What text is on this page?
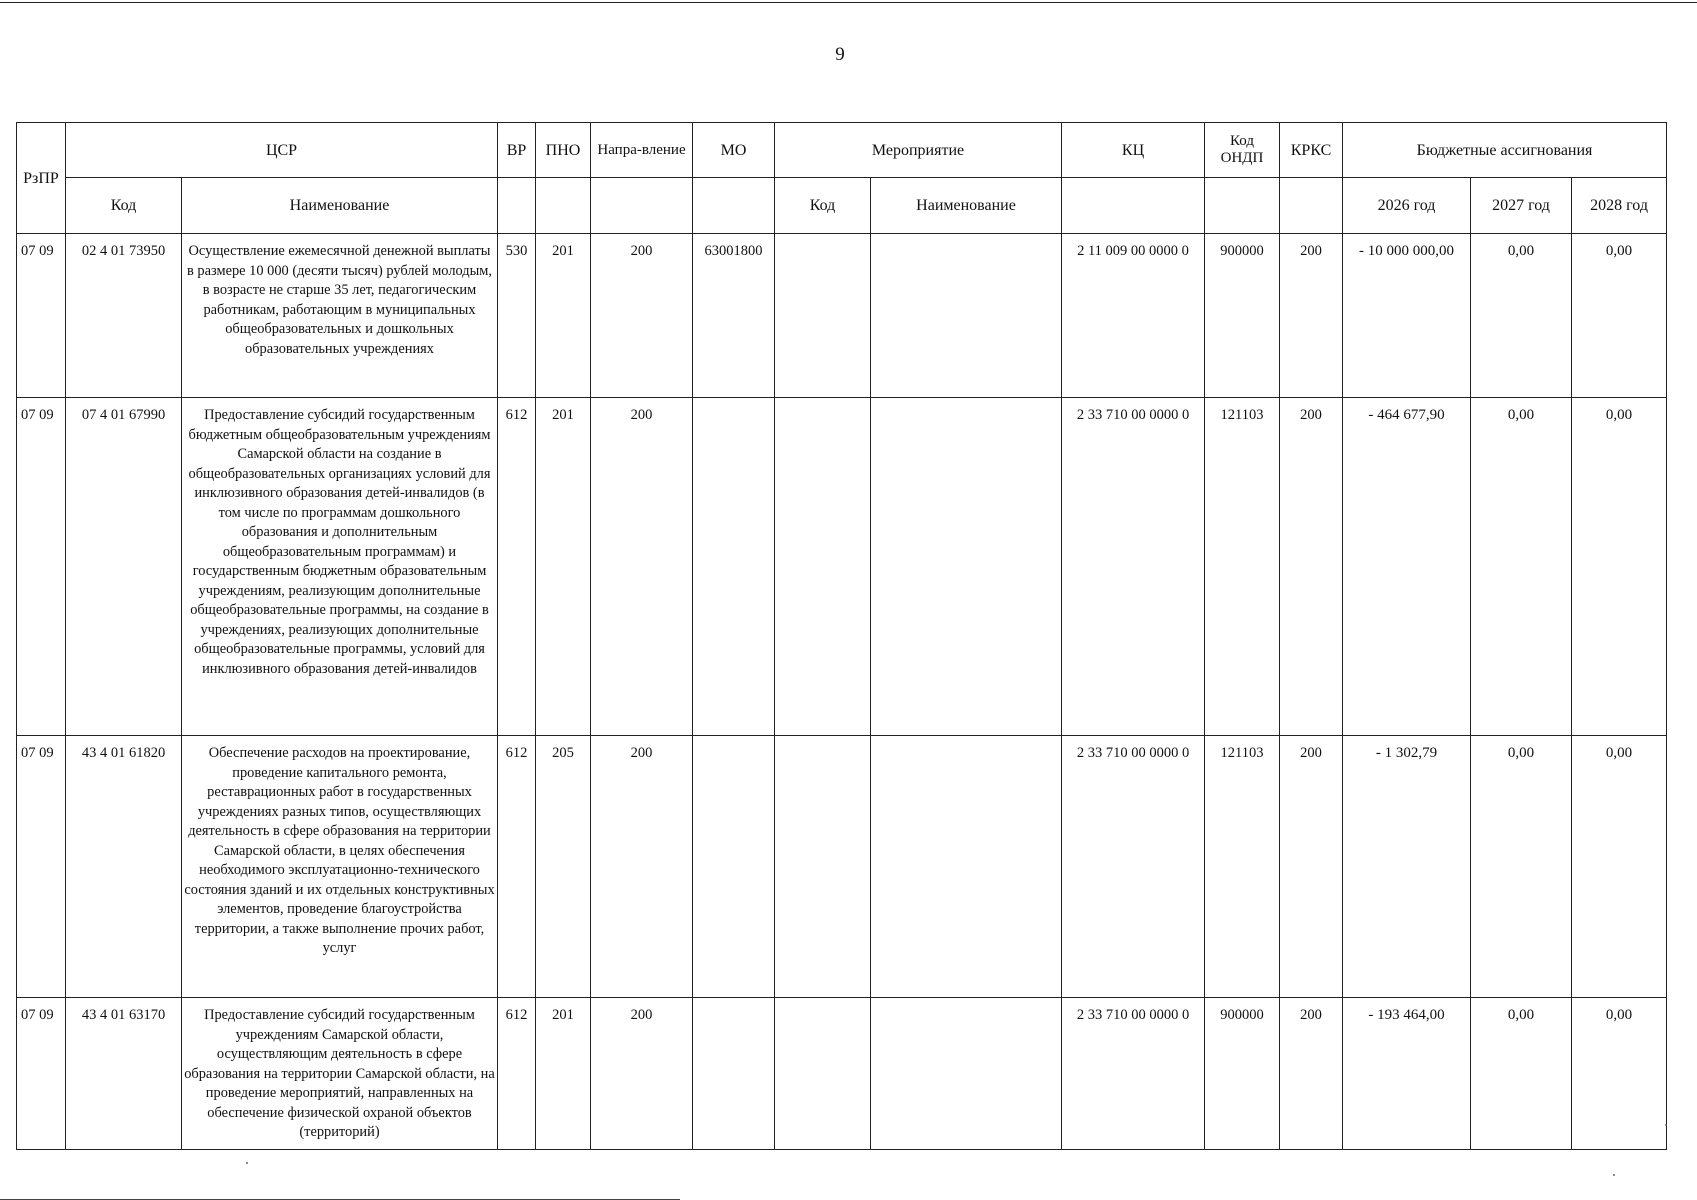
9
РзПР	ЦСР		ВР	ПНО	Напра-вление	МО	Мероприятие		КЦ	Код ОНДП	КРКС	Бюджетные ассигнования		
	Код	Наименование					Код	Наименование				2026 год	2027 год	2028 год
07 09	02 4 01 73950	Осуществление ежемесячной денежной выплаты в размере 10 000 (десяти тысяч) рублей молодым, в возрасте не старше 35 лет, педагогическим работникам, работающим в муниципальных общеобразовательных и дошкольных образовательных учреждениях	530	201	200	63001800			2 11 009 00 0000 0	900000	200	- 10 000 000,00	0,00	0,00
07 09	07 4 01 67990	Предоставление субсидий государственным бюджетным общеобразовательным учреждениям Самарской области на создание в общеобразовательных организациях условий для инклюзивного образования детей-инвалидов (в том числе по программам дошкольного образования и дополнительным общеобразовательным программам) и государственным бюджетным образовательным учреждениям, реализующим дополнительные общеобразовательные программы, на создание в учреждениях, реализующих дополнительные общеобразовательные программы, условий для инклюзивного образования детей-инвалидов	612	201	200				2 33 710 00 0000 0	121103	200	- 464 677,90	0,00	0,00
07 09	43 4 01 61820	Обеспечение расходов на проектирование, проведение капитального ремонта, реставрационных работ в государственных учреждениях разных типов, осуществляющих деятельность в сфере образования на территории Самарской области, в целях обеспечения необходимого эксплуатационно-технического состояния зданий и их отдельных конструктивных элементов, проведение благоустройства территории, а также выполнение прочих работ, услуг	612	205	200				2 33 710 00 0000 0	121103	200	- 1 302,79	0,00	0,00
07 09	43 4 01 63170	Предоставление субсидий государственным учреждениям Самарской области, осуществляющим деятельность в сфере образования на территории Самарской области, на проведение мероприятий, направленных на обеспечение физической охраной объектов (территорий)	612	201	200				2 33 710 00 0000 0	900000	200	- 193 464,00	0,00	0,00
